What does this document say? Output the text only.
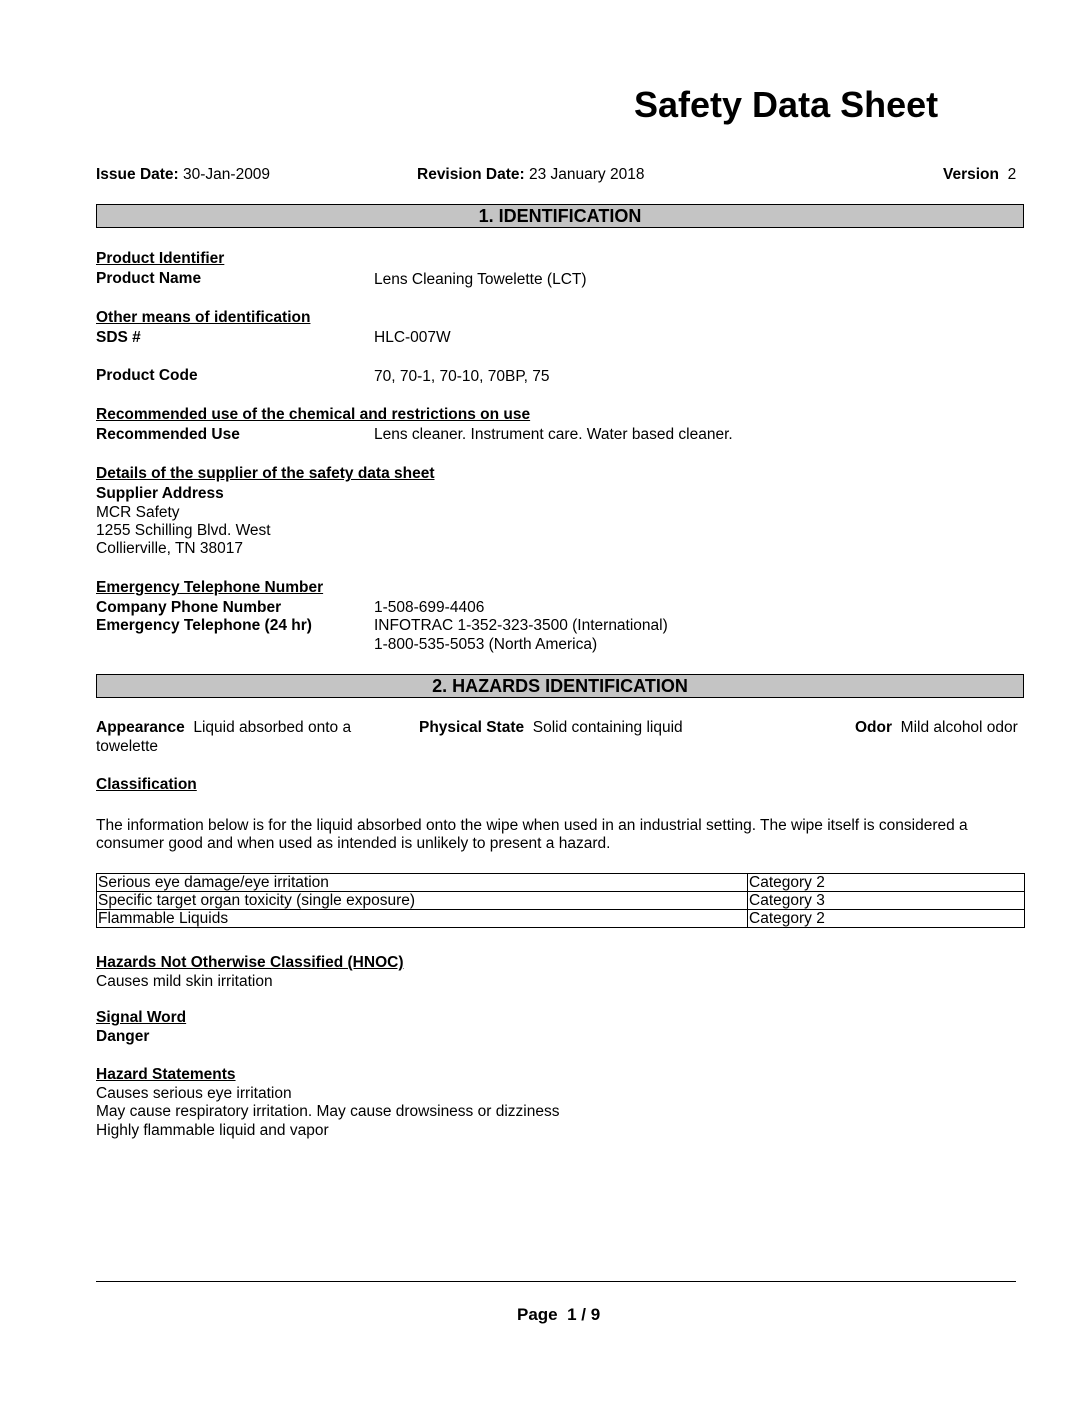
Safety Data Sheet
Issue Date: 30-Jan-2009	Revision Date: 23 January 2018	Version 2
1. IDENTIFICATION
Product Identifier
Product Name	Lens Cleaning Towelette (LCT)
Other means of identification
SDS #	HLC-007W
Product Code	70, 70-1, 70-10, 70BP, 75
Recommended use of the chemical and restrictions on use
Recommended Use	Lens cleaner. Instrument care. Water based cleaner.
Details of the supplier of the safety data sheet
Supplier Address
MCR Safety
1255 Schilling Blvd. West
Collierville, TN 38017
Emergency Telephone Number
Company Phone Number	1-508-699-4406
Emergency Telephone (24 hr)	INFOTRAC 1-352-323-3500 (International)
1-800-535-5053 (North America)
2. HAZARDS IDENTIFICATION
Appearance Liquid absorbed onto a
towelette
Physical State Solid containing liquid	Odor Mild alcohol odor
Classification
The information below is for the liquid absorbed onto the wipe when used in an industrial setting. The wipe itself is considered a
consumer good and when used as intended is unlikely to present a hazard.
Serious eye damage/eye irritation	Category 2
Specific target organ toxicity (single exposure)	Category 3
Flammable Liquids	Category 2
Hazards Not Otherwise Classified (HNOC)
Causes mild skin irritation
Signal Word
Danger
Hazard Statements
Causes serious eye irritation
May cause respiratory irritation. May cause drowsiness or dizziness
Highly flammable liquid and vapor
Page  1 / 9
